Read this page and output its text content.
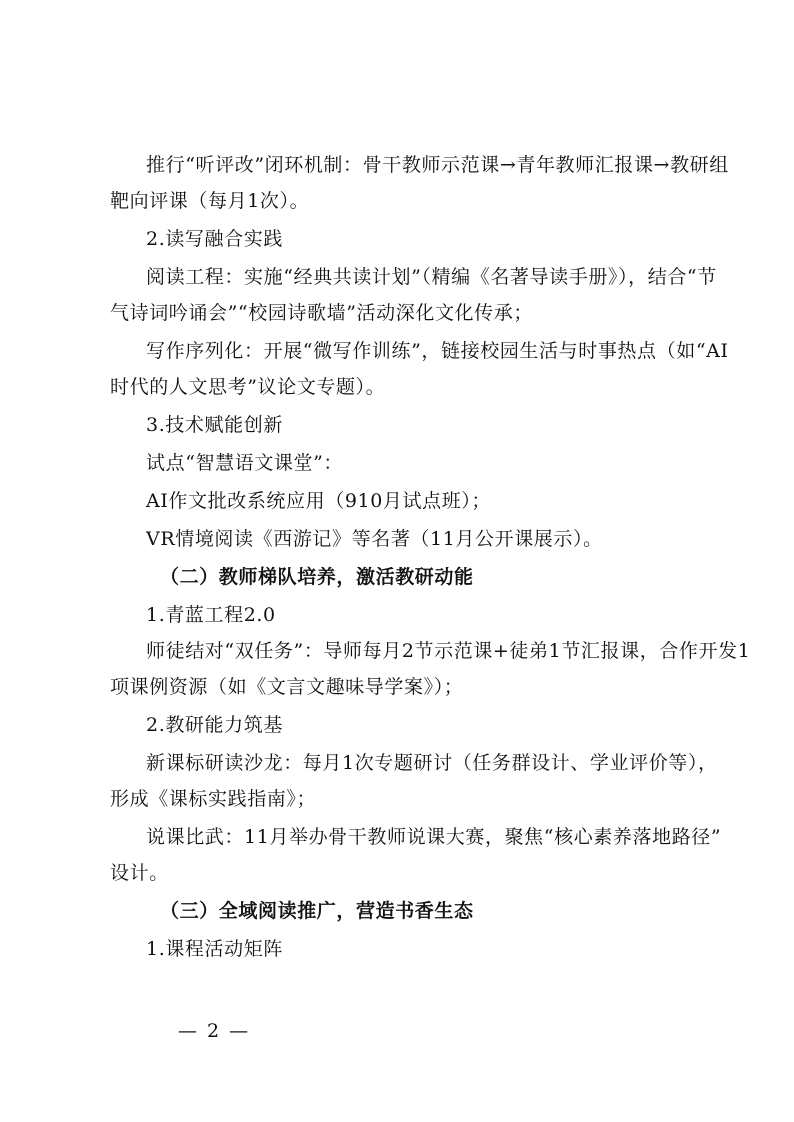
推行“听评改”闭环机制：骨干教师示范课→青年教师汇报课→教研组
靶向评课（每月1次）。
2.读写融合实践
阅读工程：实施“经典共读计划”（精编《名著导读手册》），结合“节
气诗词吟诵会”“校园诗歌墙”活动深化文化传承；
写作序列化：开展“微写作训练”，链接校园生活与时事热点（如“AI
时代的人文思考”议论文专题）。
3.技术赋能创新
试点“智慧语文课堂”：
AI作文批改系统应用（910月试点班）；
VR情境阅读《西游记》等名著（11月公开课展示）。
（二）教师梯队培养，激活教研动能
1.青蓝工程2.0
师徒结对“双任务”：导师每月2节示范课+徒弟1节汇报课，合作开发1
项课例资源（如《文言文趣味导学案》）；
2.教研能力筑基
新课标研读沙龙：每月1次专题研讨（任务群设计、学业评价等），
形成《课标实践指南》；
说课比武：11月举办骨干教师说课大赛，聚焦“核心素养落地路径”
设计。
（三）全域阅读推广，营造书香生态
1.课程活动矩阵
— 2 —
